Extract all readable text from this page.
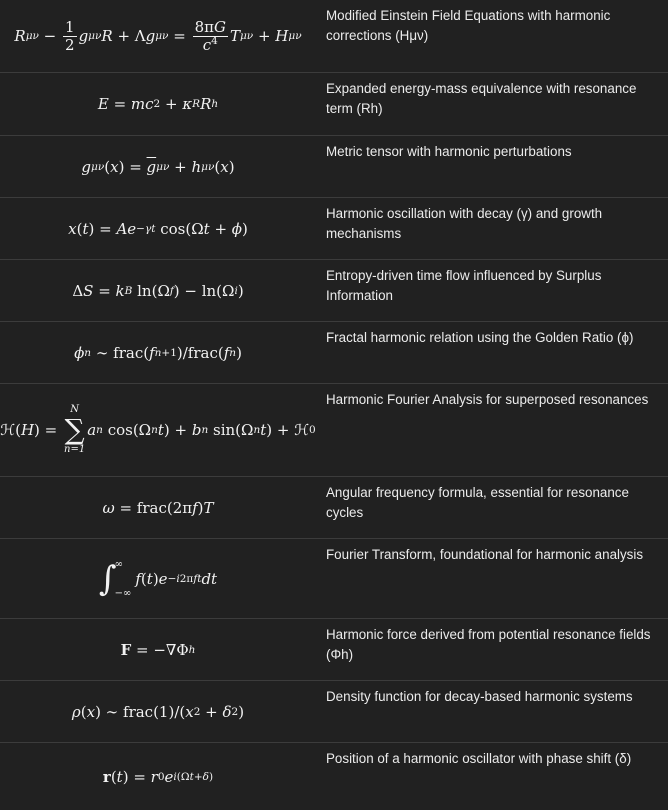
R $\mu\nu - \frac{1}{2}$ g μν R + Λ g $\mu\nu = \frac{8\pi G}{c^4}$ T μν + H μν
Modified Einstein Field Equations with harmonic corrections (Hμν)
E = mc 2 + κ R R h
Expanded energy-mass equivalence with resonance term (Rh)
g μν ( x ) = $\overline{g}$ μν + h μν ( x )
Metric tensor with harmonic perturbations
x ( t ) = Ae −γt cos(Ω t + ϕ )
Harmonic oscillation with decay (γ) and growth mechanisms
Δ S = k B ln(Ω f ) − ln(Ω i )
Entropy-driven time flow influenced by Surplus Information
ϕ n ∼ frac( f n+1 )/frac( f n )
Fractal harmonic relation using the Golden Ratio (ϕ)
ℋ ( H ) =
N
∑
n=1
a n cos(Ω n t ) + b n sin(Ω n t ) + ℋ 0
Harmonic Fourier Analysis for superposed resonances
ω = frac(2π f ) T
Angular frequency formula, essential for resonance cycles
∫
∞
−∞
f ( t ) e −i2πft dt
Fourier Transform, foundational for harmonic analysis
F = −∇Φ h
Harmonic force derived from potential resonance fields (Φh)
ρ ( x ) ∼ frac(1)/( x 2 + δ 2 )
Density function for decay-based harmonic systems
r ( t ) = r 0 e i(Ωt+δ)
Position of a harmonic oscillator with phase shift (δ)
